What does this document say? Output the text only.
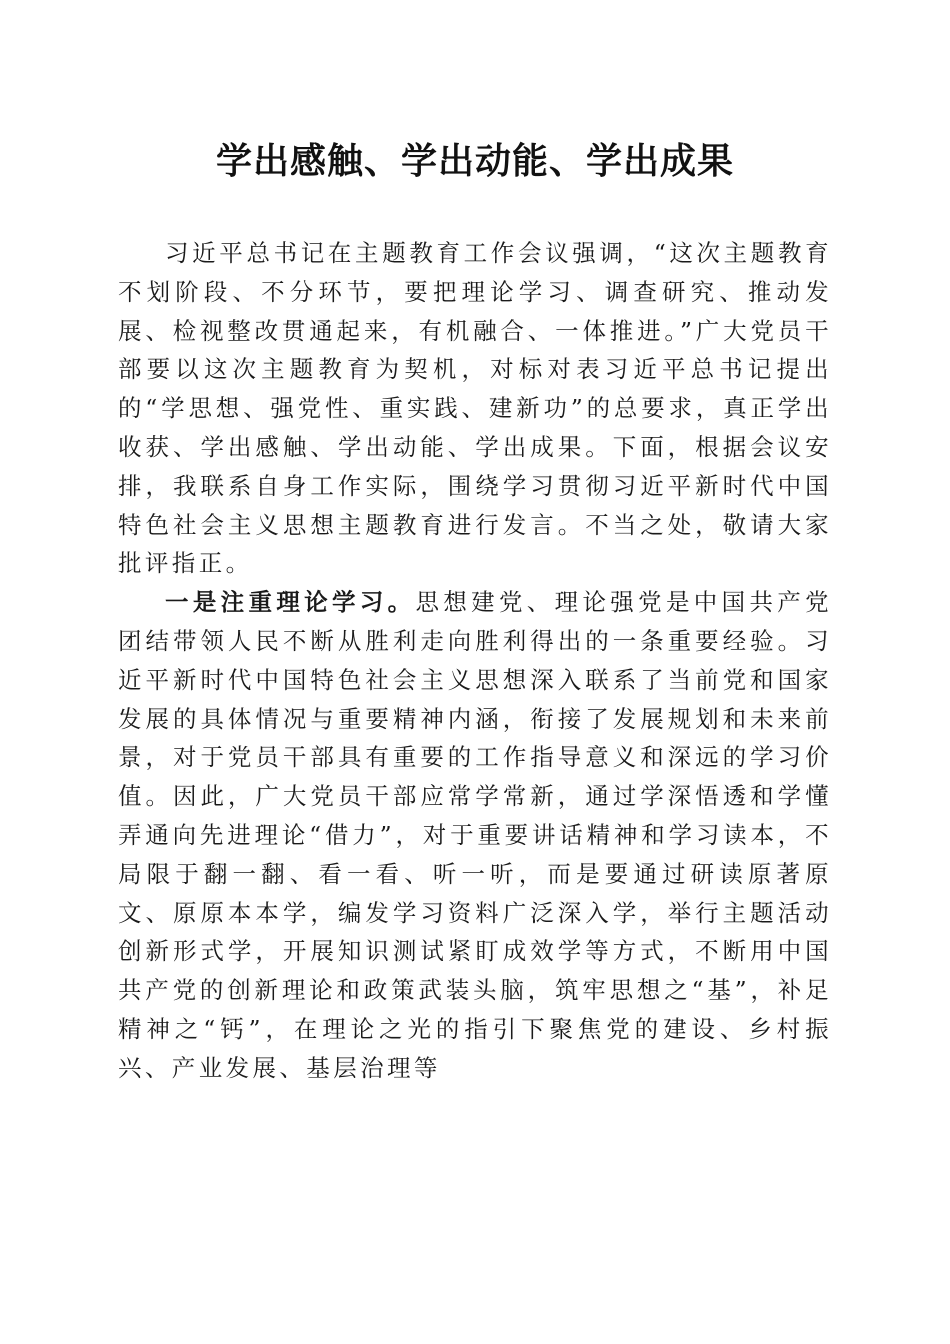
学出感触、学出动能、学出成果

习近平总书记在主题教育工作会议强调，“这次主题教育不划阶段、不分环节，要把理论学习、调查研究、推动发展、检视整改贯通起来，有机融合、一体推进。”广大党员干部要以这次主题教育为契机，对标对表习近平总书记提出的“学思想、强党性、重实践、建新功”的总要求，真正学出收获、学出感触、学出动能、学出成果。下面，根据会议安排，我联系自身工作实际，围绕学习贯彻习近平新时代中国特色社会主义思想主题教育进行发言。不当之处，敬请大家批评指正。

一是注重理论学习。思想建党、理论强党是中国共产党团结带领人民不断从胜利走向胜利得出的一条重要经验。习近平新时代中国特色社会主义思想深入联系了当前党和国家发展的具体情况与重要精神内涵，衔接了发展规划和未来前景，对于党员干部具有重要的工作指导意义和深远的学习价值。因此，广大党员干部应常学常新，通过学深悟透和学懂弄通向先进理论“借力”，对于重要讲话精神和学习读本，不局限于翻一翻、看一看、听一听，而是要通过研读原著原文、原原本本学，编发学习资料广泛深入学，举行主题活动创新形式学，开展知识测试紧盯成效学等方式，不断用中国共产党的创新理论和政策武装头脑，筑牢思想之“基”，补足精神之“钙”，在理论之光的指引下聚焦党的建设、乡村振兴、产业发展、基层治理等
